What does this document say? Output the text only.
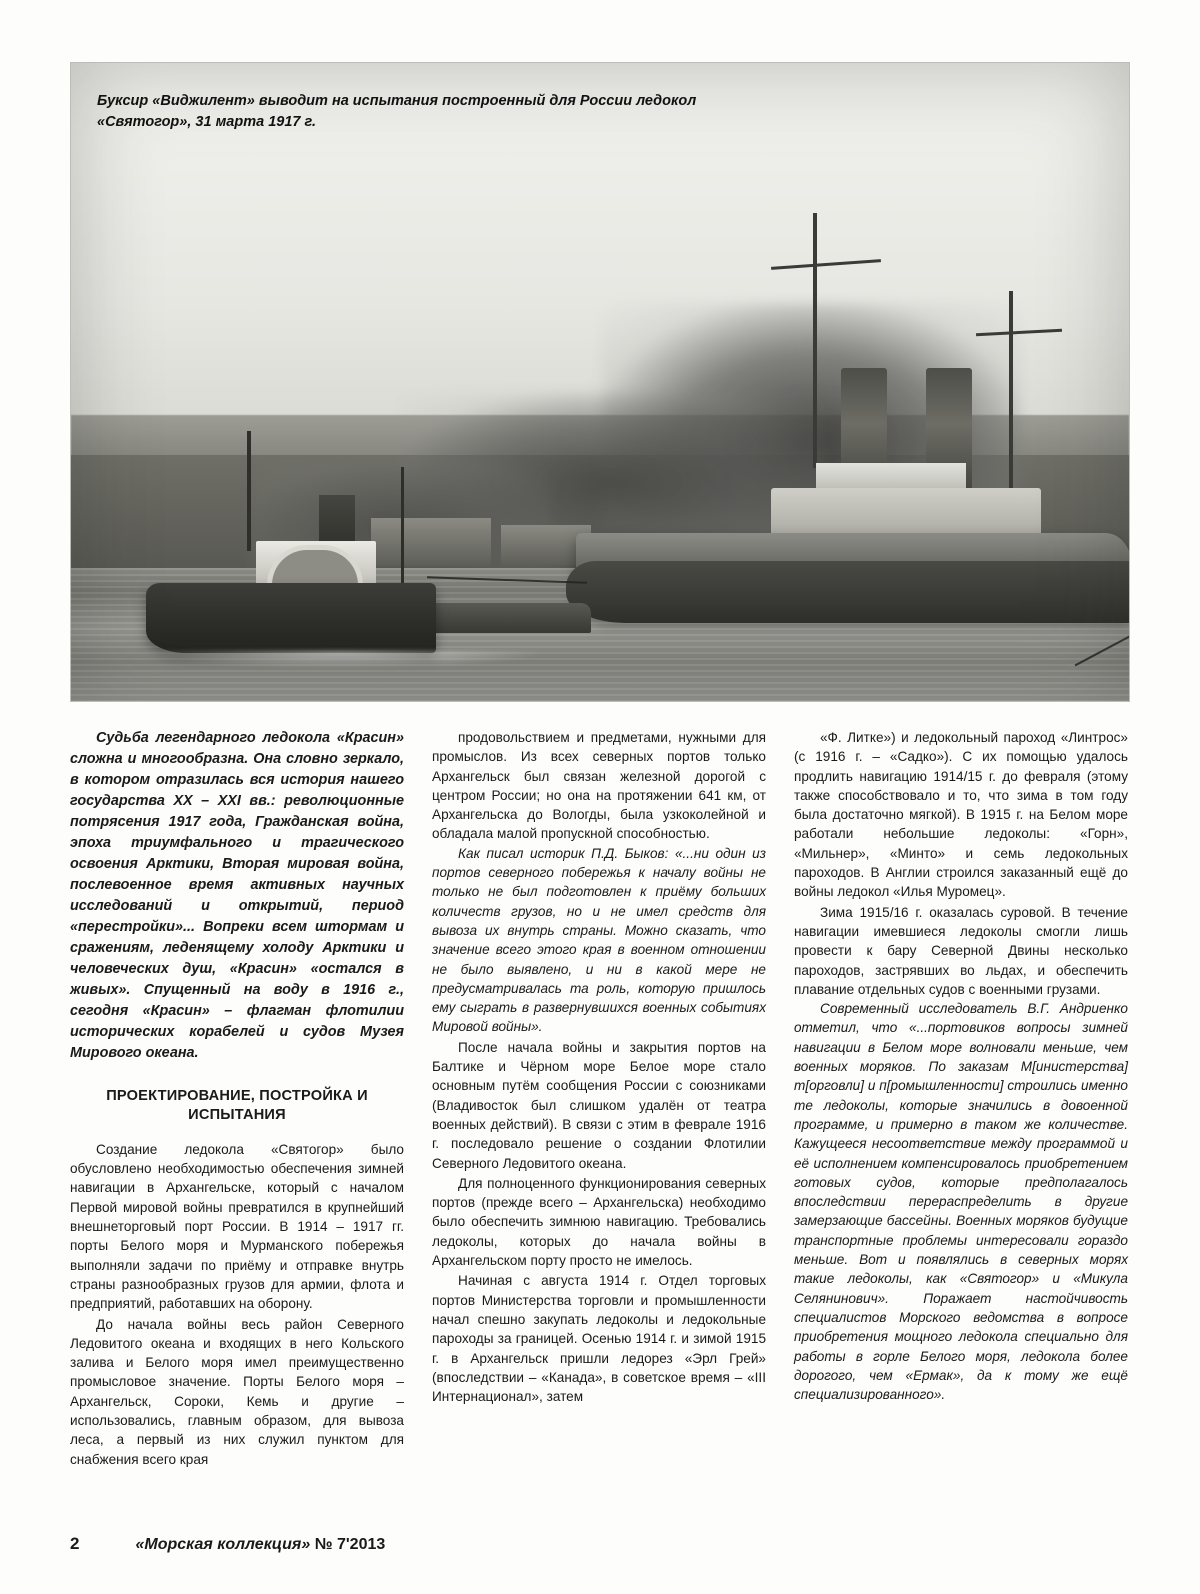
Буксир «Виджилент» выводит на испытания построенный для России ледокол «Святогор», 31 марта 1917 г.

Судьба легендарного ледокола «Красин» сложна и многообразна. Она словно зеркало, в котором отразилась вся история нашего государства XX – XXI вв.: революционные потрясения 1917 года, Гражданская война, эпоха триумфального и трагического освоения Арктики, Вторая мировая война, послевоенное время активных научных исследований и открытий, период «перестройки»... Вопреки всем штормам и сражениям, леденящему холоду Арктики и человеческих душ, «Красин» «остался в живых». Спущенный на воду в 1916 г., сегодня «Красин» – флагман флотилии исторических корабелей и судов Музея Мирового океана.

ПРОЕКТИРОВАНИЕ, ПОСТРОЙКА И ИСПЫТАНИЯ

Создание ледокола «Святогор» было обусловлено необходимостью обеспечения зимней навигации в Архангельске, который с началом Первой мировой войны превратился в крупнейший внешнеторговый порт России. В 1914 – 1917 гг. порты Белого моря и Мурманского побережья выполняли задачи по приёму и отправке внутрь страны разнообразных грузов для армии, флота и предприятий, работавших на оборону.

До начала войны весь район Северного Ледовитого океана и входящих в него Кольского залива и Белого моря имел преимущественно промысловое значение. Порты Белого моря – Архангельск, Сороки, Кемь и другие – использовались, главным образом, для вывоза леса, а первый из них служил пунктом для снабжения всего края

продовольствием и предметами, нужными для промыслов. Из всех северных портов только Архангельск был связан железной дорогой с центром России; но она на протяжении 641 км, от Архангельска до Вологды, была узкоколейной и обладала малой пропускной способностью.

Как писал историк П.Д. Быков: «...ни один из портов северного побережья к началу войны не только не был подготовлен к приёму больших количеств грузов, но и не имел средств для вывоза их внутрь страны. Можно сказать, что значение всего этого края в военном отношении не было выявлено, и ни в какой мере не предусматривалась та роль, которую пришлось ему сыграть в развернувшихся военных событиях Мировой войны».

После начала войны и закрытия портов на Балтике и Чёрном море Белое море стало основным путём сообщения России с союзниками (Владивосток был слишком удалён от театра военных действий). В связи с этим в феврале 1916 г. последовало решение о создании Флотилии Северного Ледовитого океана.

Для полноценного функционирования северных портов (прежде всего – Архангельска) необходимо было обеспечить зимнюю навигацию. Требовались ледоколы, которых до начала войны в Архангельском порту просто не имелось.

Начиная с августа 1914 г. Отдел торговых портов Министерства торговли и промышленности начал спешно закупать ледоколы и ледокольные пароходы за границей. Осенью 1914 г. и зимой 1915 г. в Архангельск пришли ледорез «Эрл Грей» (впоследствии – «Канада», в советское время – «III Интернационал», затем

«Ф. Литке») и ледокольный пароход «Линтрос» (с 1916 г. – «Садко»). С их помощью удалось продлить навигацию 1914/15 г. до февраля (этому также способствовало и то, что зима в том году была достаточно мягкой). В 1915 г. на Белом море работали небольшие ледоколы: «Горн», «Мильнер», «Минто» и семь ледокольных пароходов. В Англии строился заказанный ещё до войны ледокол «Илья Муромец».

Зима 1915/16 г. оказалась суровой. В течение навигации имевшиеся ледоколы смогли лишь провести к бару Северной Двины несколько пароходов, застрявших во льдах, и обеспечить плавание отдельных судов с военными грузами.

Современный исследователь В.Г. Андриенко отметил, что «...портовиков вопросы зимней навигации в Белом море волновали меньше, чем военных моряков. По заказам М[инистерства] т[орговли] и п[ромышленности] строились именно те ледоколы, которые значились в довоенной программе, и примерно в таком же количестве. Кажущееся несоответствие между программой и её исполнением компенсировалось приобретением готовых судов, которые предполагалось впоследствии перераспределить в другие замерзающие бассейны. Военных моряков будущие транспортные проблемы интересовали гораздо меньше. Вот и появлялись в северных морях такие ледоколы, как «Святогор» и «Микула Селянинович». Поражает настойчивость специалистов Морского ведомства в вопросе приобретения мощного ледокола специально для работы в горле Белого моря, ледокола более дорогого, чем «Ермак», да к тому же ещё специализированного».

2	«Морская коллекция» № 7'2013
